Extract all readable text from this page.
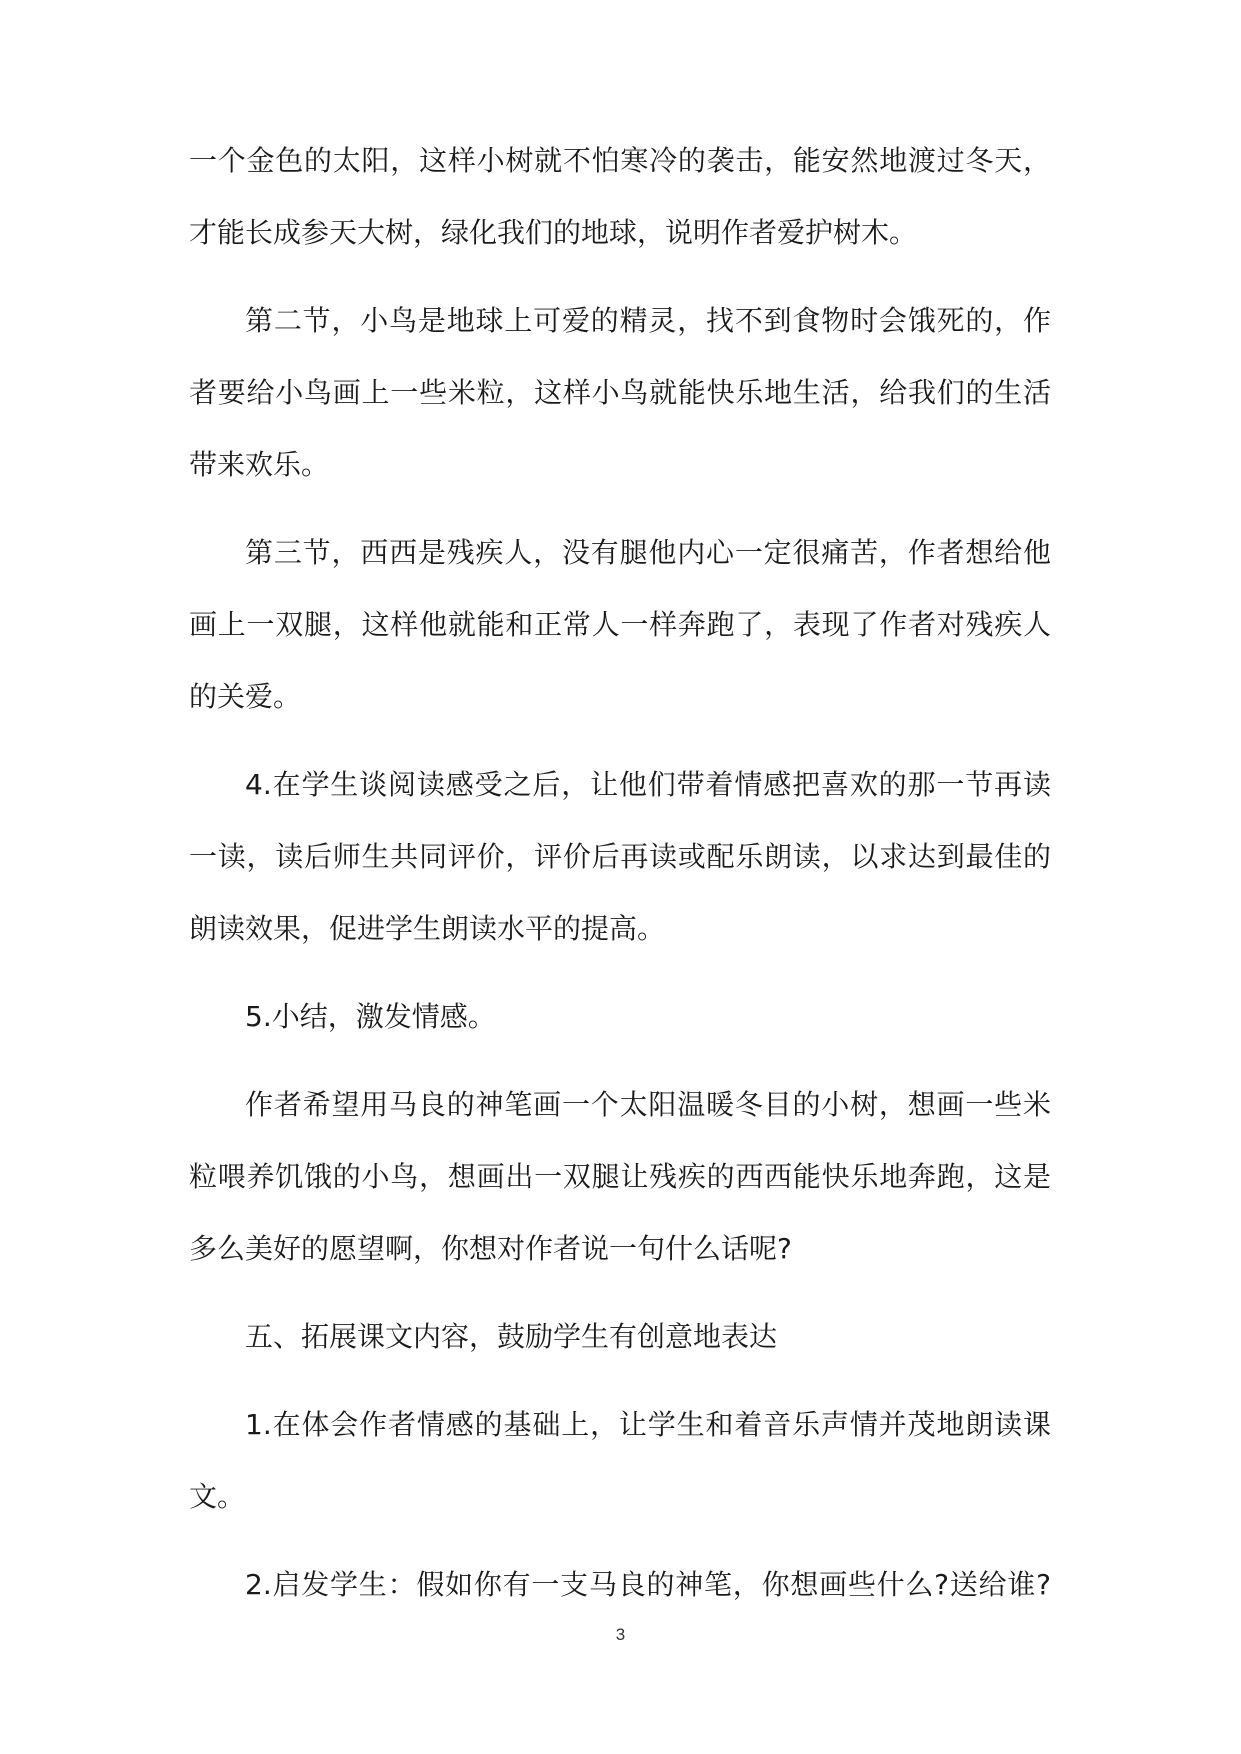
一个金色的太阳，这样小树就不怕寒冷的袭击，能安然地渡过冬天，
才能长成参天大树，绿化我们的地球，说明作者爱护树木。
第二节，小鸟是地球上可爱的精灵，找不到食物时会饿死的，作
者要给小鸟画上一些米粒，这样小鸟就能快乐地生活，给我们的生活
带来欢乐。
第三节，西西是残疾人，没有腿他内心一定很痛苦，作者想给他
画上一双腿，这样他就能和正常人一样奔跑了，表现了作者对残疾人
的关爱。
4.在学生谈阅读感受之后，让他们带着情感把喜欢的那一节再读
一读，读后师生共同评价，评价后再读或配乐朗读，以求达到最佳的
朗读效果，促进学生朗读水平的提高。
5.小结，激发情感。
作者希望用马良的神笔画一个太阳温暖冬目的小树，想画一些米
粒喂养饥饿的小鸟，想画出一双腿让残疾的西西能快乐地奔跑，这是
多么美好的愿望啊，你想对作者说一句什么话呢?
五、拓展课文内容，鼓励学生有创意地表达
1.在体会作者情感的基础上，让学生和着音乐声情并茂地朗读课
文。
2.启发学生：假如你有一支马良的神笔，你想画些什么?送给谁?
3
